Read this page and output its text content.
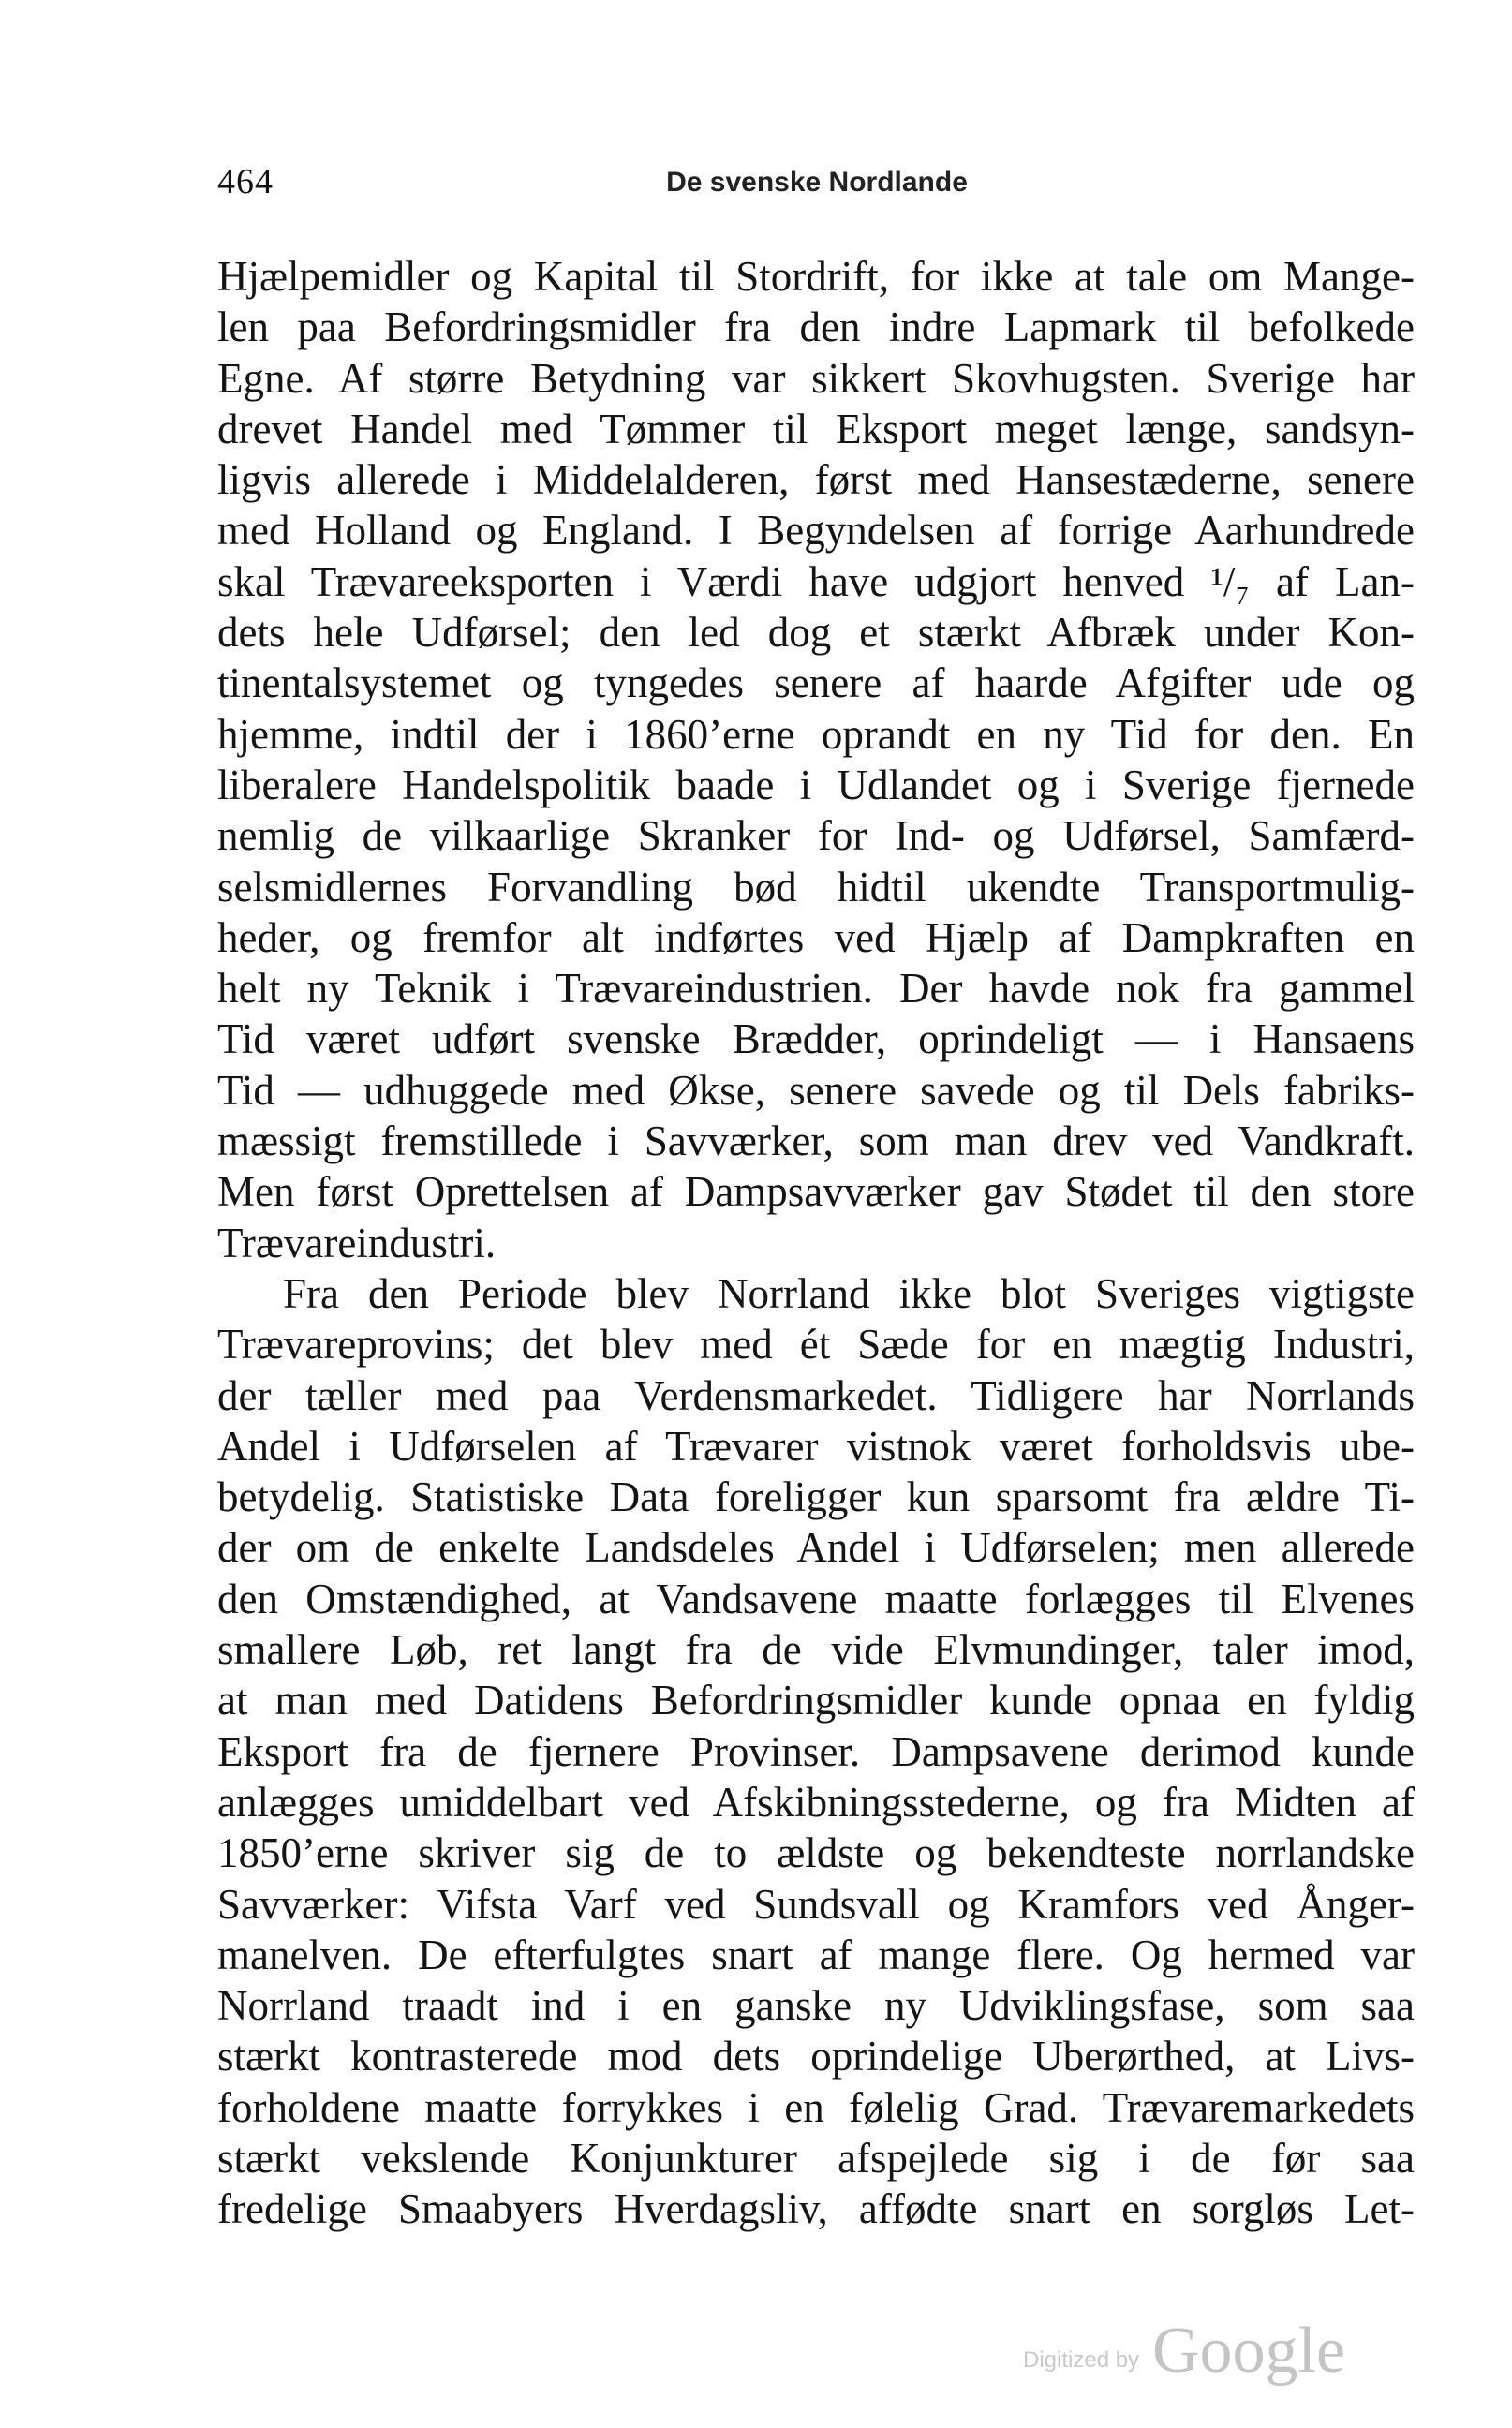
464	De svenske Nordlande
Hjælpemidler og Kapital til Stordrift, for ikke at tale om Mange-
len paa Befordringsmidler fra den indre Lapmark til befolkede
Egne. Af større Betydning var sikkert Skovhugsten. Sverige har
drevet Handel med Tømmer til Eksport meget længe, sandsyn-
ligvis allerede i Middelalderen, først med Hansestæderne, senere
med Holland og England. I Begyndelsen af forrige Aarhundrede
skal Trævareeksporten i Værdi have udgjort henved ¹/₇ af Lan-
dets hele Udførsel; den led dog et stærkt Afbræk under Kon-
tinentalsystemet og tyngedes senere af haarde Afgifter ude og
hjemme, indtil der i 1860’erne oprandt en ny Tid for den. En
liberalere Handelspolitik baade i Udlandet og i Sverige fjernede
nemlig de vilkaarlige Skranker for Ind- og Udførsel, Samfærd-
selsmidlernes Forvandling bød hidtil ukendte Transportmulig-
heder, og fremfor alt indførtes ved Hjælp af Dampkraften en
helt ny Teknik i Trævareindustrien. Der havde nok fra gammel
Tid været udført svenske Brædder, oprindeligt — i Hansaens
Tid — udhuggede med Økse, senere savede og til Dels fabriks-
mæssigt fremstillede i Savværker, som man drev ved Vandkraft.
Men først Oprettelsen af Dampsavværker gav Stødet til den store
Trævareindustri.
Fra den Periode blev Norrland ikke blot Sveriges vigtigste
Trævareprovins; det blev med ét Sæde for en mægtig Industri,
der tæller med paa Verdensmarkedet. Tidligere har Norrlands
Andel i Udførselen af Trævarer vistnok været forholdsvis ube-
betydelig. Statistiske Data foreligger kun sparsomt fra ældre Ti-
der om de enkelte Landsdeles Andel i Udførselen; men allerede
den Omstændighed, at Vandsavene maatte forlægges til Elvenes
smallere Løb, ret langt fra de vide Elvmundinger, taler imod,
at man med Datidens Befordringsmidler kunde opnaa en fyldig
Eksport fra de fjernere Provinser. Dampsavene derimod kunde
anlægges umiddelbart ved Afskibningsstederne, og fra Midten af
1850’erne skriver sig de to ældste og bekendteste norrlandske
Savværker: Vifsta Varf ved Sundsvall og Kramfors ved Ånger-
manelven. De efterfulgtes snart af mange flere. Og hermed var
Norrland traadt ind i en ganske ny Udviklingsfase, som saa
stærkt kontrasterede mod dets oprindelige Uberørthed, at Livs-
forholdene maatte forrykkes i en følelig Grad. Trævaremarkedets
stærkt vekslende Konjunkturer afspejlede sig i de før saa
fredelige Smaabyers Hverdagsliv, affødte snart en sorgløs Let-
Digitized by Google
